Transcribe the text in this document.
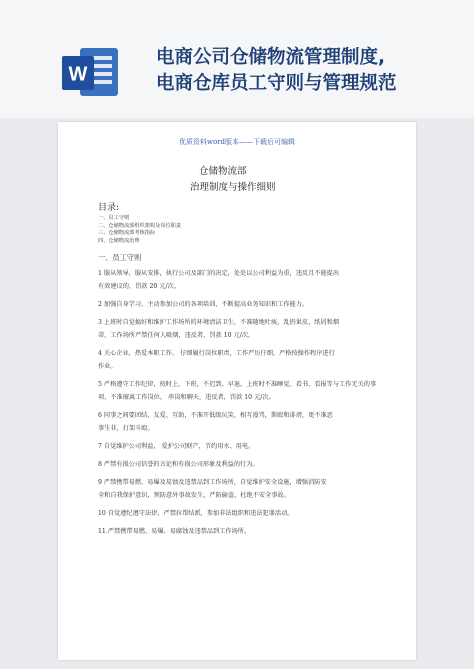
W
电商公司仓储物流管理制度,
电商仓库员工守则与管理规范
优质资料word版本——下载后可编辑
仓储物流部
治理制度与操作细则
目录:
一、员工守则
二、仓储物流部组织架构及岗位职责
三、仓储物流部考核指标
四、仓储物流治理
一、员工守则

1 服从领导，服从安排，执行公司及部门的决定，处处以公司利益为重，违反且不能提出
有效建议的，罚款 20 元/次。

2 加强自身学习，主动参加公司的各项培训，不断提高业务知识和工作能力。

3 上班时自觉搞好和维护工作场所的环境清洁卫生，不准随地吐痰，乱扔果皮，纸屑和烟
蒂，工作场所严禁任何人吸烟，违反者，罚款 10 元/次。

4 关心企业，热爱本职工作， 仔细履行岗位职责，工作严厉仔细，严格按操作程序进行
作业。

5 严格遵守工作纪律，按时上、下班，不迟到、早退，上班时不准睡觉、看书、看报等与工作无关的事
项，不准擅离工作岗位， 串岗和聊天，违反者，罚款 10 元/次。

6 同事之间要团结、友爱、互助，不准开低级玩笑，相互漫骂，斯殴和诽谤，更不准恶
事生非，打架斗殴。

7 自觉维护公司利益， 爱护公司财产，节约用水、用电。

8 严禁有损公司信誉的言论和有损公司形象及利益的行为。

9 严禁携带易燃、易爆及易蚀及违禁品到工作场所，自觉维护安全设施，增强消防安
全和自我保护意识，预防意外事故发生，严防偷盗，杜绝不安全事故。

10 自觉遵纪遵守法律，严禁拉帮结派，参加非法组织和违法犯罪活动。

11.严禁携带易燃、易爆、易腐蚀及违禁品到工作场所。
